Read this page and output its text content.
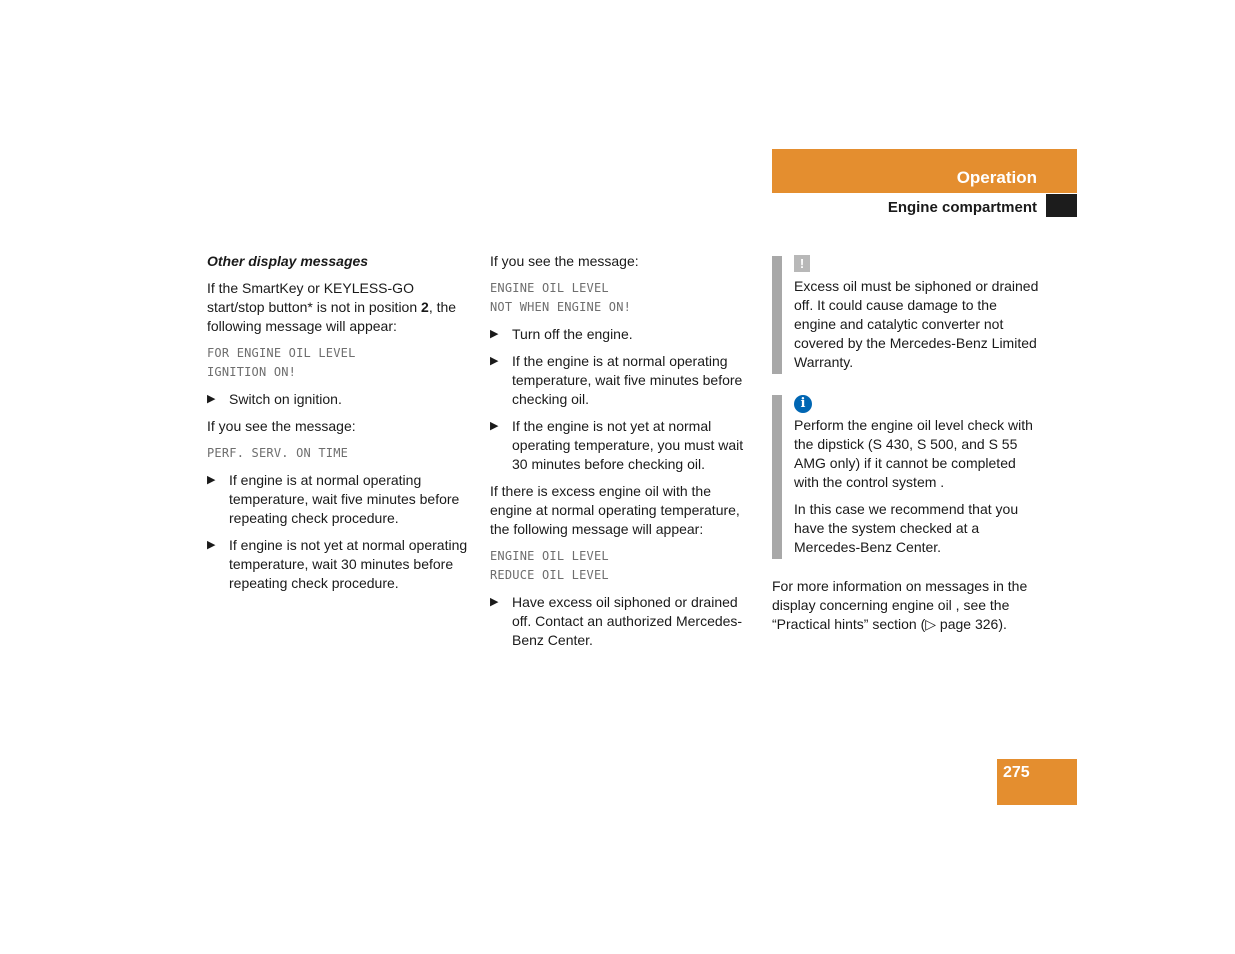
Operation
Engine compartment

Other display messages

If the SmartKey or KEYLESS-GO start/stop button* is not in position 2, the following message will appear:

FOR ENGINE OIL LEVEL
IGNITION ON!
▶ Switch on ignition.

If you see the message:

PERF. SERV. ON TIME
▶ If engine is at normal operating temperature, wait five minutes before repeating check procedure.
▶ If engine is not yet at normal operating temperature, wait 30 minutes before repeating check procedure.

If you see the message:

ENGINE OIL LEVEL
NOT WHEN ENGINE ON!
▶ Turn off the engine.
▶ If the engine is at normal operating temperature, wait five minutes before checking oil.
▶ If the engine is not yet at normal operating temperature, you must wait 30 minutes before checking oil.

If there is excess engine oil with the engine at normal operating temperature, the following message will appear:

ENGINE OIL LEVEL
REDUCE OIL LEVEL
▶ Have excess oil siphoned or drained off. Contact an authorized Mercedes-Benz Center.
!

Excess oil must be siphoned or drained off. It could cause damage to the engine and catalytic converter not covered by the Mercedes-Benz Limited Warranty.

i

Perform the engine oil level check with the dipstick (S 430, S 500, and S 55 AMG only) if it cannot be completed with the control system .

In this case we recommend that you have the system checked at a Mercedes-Benz Center.

For more information on messages in the display concerning engine oil , see the “Practical hints” section (▷ page 326).

275
